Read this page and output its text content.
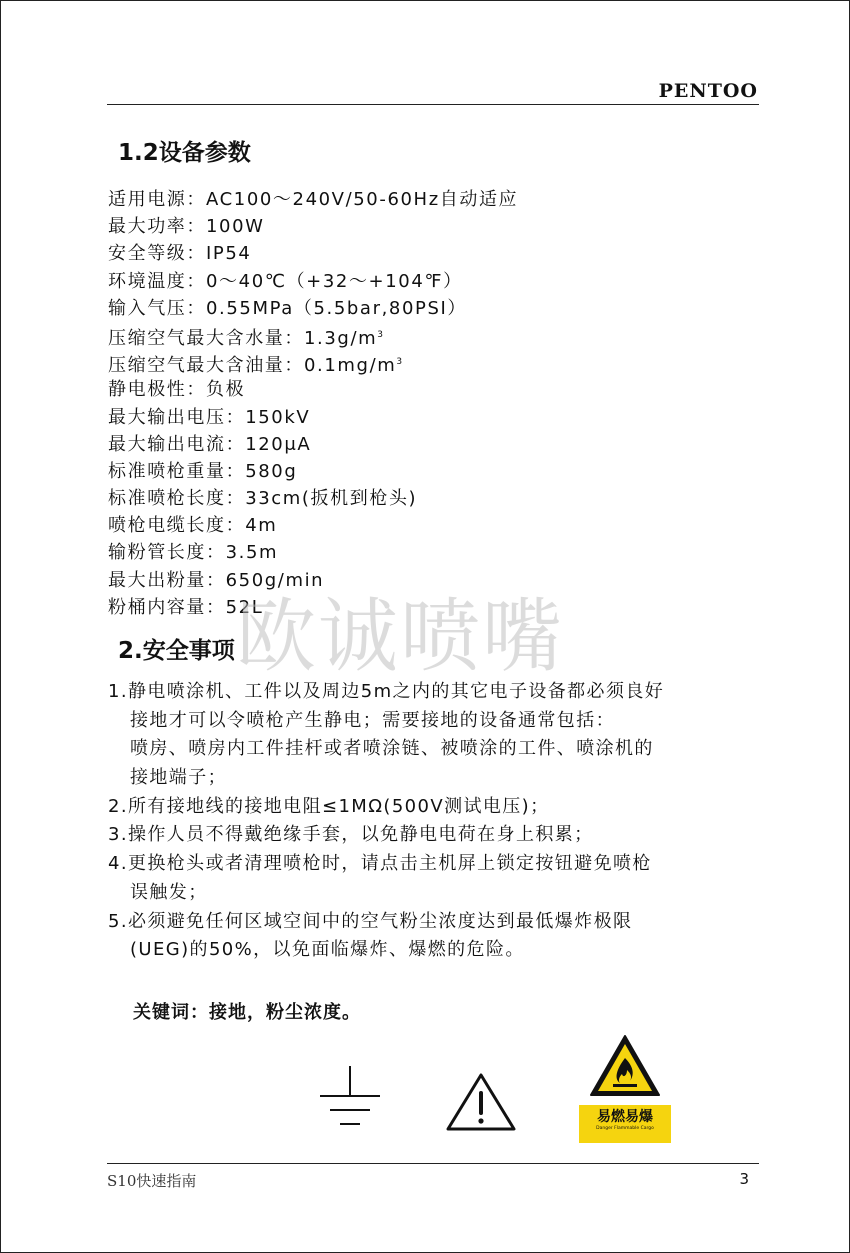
PENTOO
1.2设备参数
适用电源：AC100～240V/50-60Hz自动适应
最大功率：100W
安全等级：IP54
环境温度：0～40℃（+32～+104℉）
输入气压：0.55MPa（5.5bar,80PSI）
压缩空气最大含水量：$1.3g/m^3$
压缩空气最大含油量：$0.1mg/m^3$
静电极性：负极
最大输出电压：150kV
最大输出电流：120μA
标准喷枪重量：580g
标准喷枪长度：33cm(扳机到枪头)
喷枪电缆长度：4m
输粉管长度：3.5m
最大出粉量：650g/min
粉桶内容量：52L
欧诚喷嘴
2.安全事项
1.静电喷涂机、工件以及周边5m之内的其它电子设备都必须良好
接地才可以令喷枪产生静电；需要接地的设备通常包括：
喷房、喷房内工件挂杆或者喷涂链、被喷涂的工件、喷涂机的
接地端子；
2.所有接地线的接地电阻≤1MΩ(500V测试电压)；
3.操作人员不得戴绝缘手套，以免静电电荷在身上积累；
4.更换枪头或者清理喷枪时，请点击主机屏上锁定按钮避免喷枪
误触发；
5.必须避免任何区域空间中的空气粉尘浓度达到最低爆炸极限
(UEG)的50%，以免面临爆炸、爆燃的危险。
关键词：接地，粉尘浓度。
易燃易爆
Danger Flammable Cargo
S10快速指南	3
